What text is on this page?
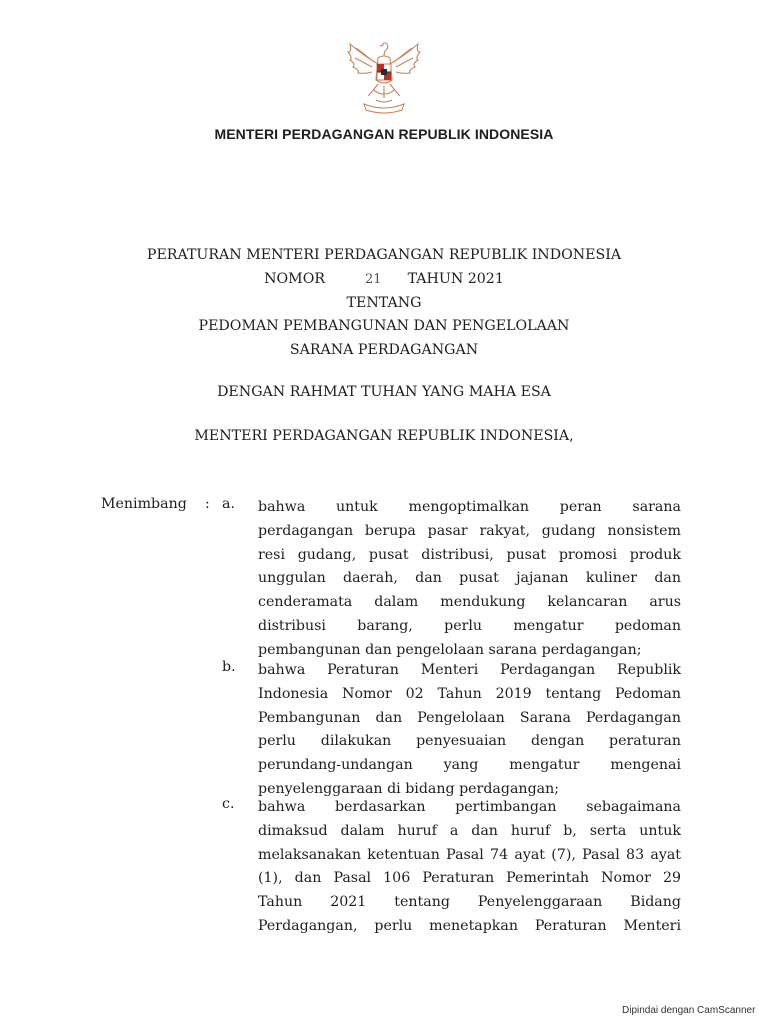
MENTERI PERDAGANGAN REPUBLIK INDONESIA
PERATURAN MENTERI PERDAGANGAN REPUBLIK INDONESIA
NOMOR	21 TAHUN 2021
TENTANG
PEDOMAN PEMBANGUNAN DAN PENGELOLAAN
SARANA PERDAGANGAN
DENGAN RAHMAT TUHAN YANG MAHA ESA
MENTERI PERDAGANGAN REPUBLIK INDONESIA,
Menimbang : a. bahwa untuk mengoptimalkan peran sarana
perdagangan berupa pasar rakyat, gudang nonsistem
resi gudang, pusat distribusi, pusat promosi produk
unggulan daerah, dan pusat jajanan kuliner dan
cenderamata dalam mendukung kelancaran arus
distribusi barang, perlu mengatur pedoman
pembangunan dan pengelolaan sarana perdagangan;
b. bahwa Peraturan Menteri Perdagangan Republik
Indonesia Nomor 02 Tahun 2019 tentang Pedoman
Pembangunan dan Pengelolaan Sarana Perdagangan
perlu dilakukan penyesuaian dengan peraturan
perundang-undangan yang mengatur mengenai
penyelenggaraan di bidang perdagangan;
c. bahwa berdasarkan pertimbangan sebagaimana
dimaksud dalam huruf a dan huruf b, serta untuk
melaksanakan ketentuan Pasal 74 ayat (7), Pasal 83 ayat
(1), dan Pasal 106 Peraturan Pemerintah Nomor 29
Tahun 2021 tentang Penyelenggaraan Bidang
Perdagangan, perlu menetapkan Peraturan Menteri
Dipindai dengan CamScanner
